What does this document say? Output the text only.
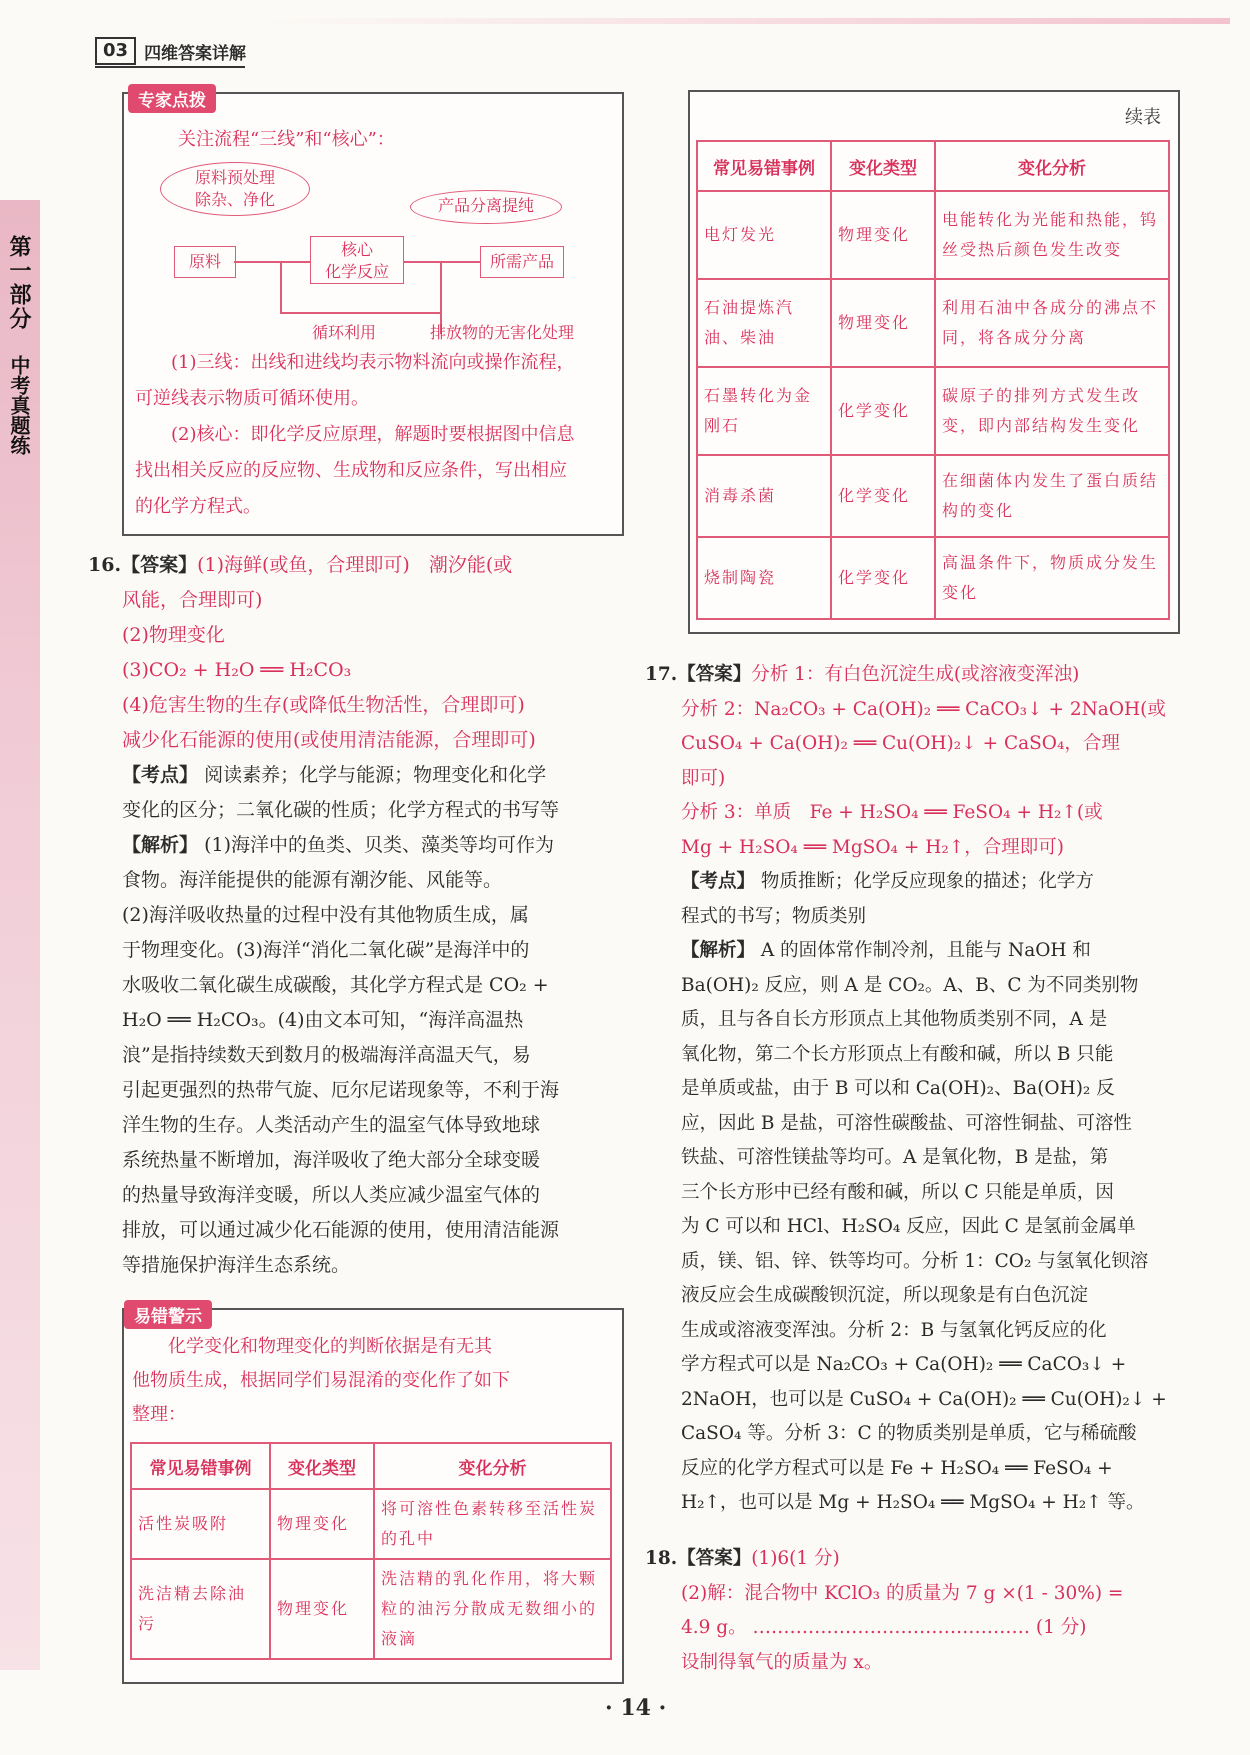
03 四维答案详解
第一部分
中考真题练
专家点拨
关注流程“三线”和“核心”：
原料预处理
除杂、净化	产品分离提纯
原料
核心
化学反应
所需产品
循环利用	排放物的无害化处理
(1)三线：出线和进线均表示物料流向或操作流程，
可逆线表示物质可循环使用。
(2)核心：即化学反应原理，解题时要根据图中信息
找出相关反应的反应物、生成物和反应条件，写出相应
的化学方程式。
续表
常见易错事例	变化类型	变化分析
电灯发光	物理变化	电能转化为光能和热能，钨丝受热后颜色发生改变
石油提炼汽油、柴油	物理变化	利用石油中各成分的沸点不同，将各成分分离
石墨转化为金刚石	化学变化	碳原子的排列方式发生改变，即内部结构发生变化
消毒杀菌	化学变化	在细菌体内发生了蛋白质结构的变化
烧制陶瓷	化学变化	高温条件下，物质成分发生变化
16.【答案】(1)海鲜(或鱼，合理即可)　潮汐能(或
风能，合理即可)
(2)物理变化
(3)CO₂ + H₂O ══ H₂CO₃
(4)危害生物的生存(或降低生物活性，合理即可)
减少化石能源的使用(或使用清洁能源，合理即可)
【考点】 阅读素养；化学与能源；物理变化和化学
变化的区分；二氧化碳的性质；化学方程式的书写等
【解析】 (1)海洋中的鱼类、贝类、藻类等均可作为
食物。海洋能提供的能源有潮汐能、风能等。
(2)海洋吸收热量的过程中没有其他物质生成，属
于物理变化。(3)海洋“消化二氧化碳”是海洋中的
水吸收二氧化碳生成碳酸，其化学方程式是 CO₂ +
H₂O ══ H₂CO₃。(4)由文本可知，“海洋高温热
浪”是指持续数天到数月的极端海洋高温天气，易
引起更强烈的热带气旋、厄尔尼诺现象等，不利于海
洋生物的生存。人类活动产生的温室气体导致地球
系统热量不断增加，海洋吸收了绝大部分全球变暖
的热量导致海洋变暖，所以人类应减少温室气体的
排放，可以通过减少化石能源的使用，使用清洁能源
等措施保护海洋生态系统。
易错警示
化学变化和物理变化的判断依据是有无其
他物质生成，根据同学们易混淆的变化作了如下
整理：
常见易错事例	变化类型	变化分析
活性炭吸附	物理变化	将可溶性色素转移至活性炭的孔中
洗洁精去除油污	物理变化	洗洁精的乳化作用，将大颗粒的油污分散成无数细小的液滴
17.【答案】分析 1：有白色沉淀生成(或溶液变浑浊)
分析 2：Na₂CO₃ + Ca(OH)₂ ══ CaCO₃↓ + 2NaOH(或
CuSO₄ + Ca(OH)₂ ══ Cu(OH)₂↓ + CaSO₄，合理
即可)
分析 3：单质　Fe + H₂SO₄ ══ FeSO₄ + H₂↑(或
Mg + H₂SO₄ ══ MgSO₄ + H₂↑，合理即可)
【考点】 物质推断；化学反应现象的描述；化学方
程式的书写；物质类别
【解析】 A 的固体常作制冷剂，且能与 NaOH 和
Ba(OH)₂ 反应，则 A 是 CO₂。A、B、C 为不同类别物
质，且与各自长方形顶点上其他物质类别不同，A 是
氧化物，第二个长方形顶点上有酸和碱，所以 B 只能
是单质或盐，由于 B 可以和 Ca(OH)₂、Ba(OH)₂ 反
应，因此 B 是盐，可溶性碳酸盐、可溶性铜盐、可溶性
铁盐、可溶性镁盐等均可。A 是氧化物，B 是盐，第
三个长方形中已经有酸和碱，所以 C 只能是单质，因
为 C 可以和 HCl、H₂SO₄ 反应，因此 C 是氢前金属单
质，镁、铝、锌、铁等均可。分析 1：CO₂ 与氢氧化钡溶
液反应会生成碳酸钡沉淀，所以现象是有白色沉淀
生成或溶液变浑浊。分析 2：B 与氢氧化钙反应的化
学方程式可以是 Na₂CO₃ + Ca(OH)₂ ══ CaCO₃↓ +
2NaOH，也可以是 CuSO₄ + Ca(OH)₂ ══ Cu(OH)₂↓ +
CaSO₄ 等。分析 3：C 的物质类别是单质，它与稀硫酸
反应的化学方程式可以是 Fe + H₂SO₄ ══ FeSO₄ +
H₂↑，也可以是 Mg + H₂SO₄ ══ MgSO₄ + H₂↑ 等。
18.【答案】(1)6(1 分)
(2)解：混合物中 KClO₃ 的质量为 7 g ×(1 - 30%) =
4.9 g。 ……………………………………… (1 分)
设制得氧气的质量为 x。
· 14 ·
